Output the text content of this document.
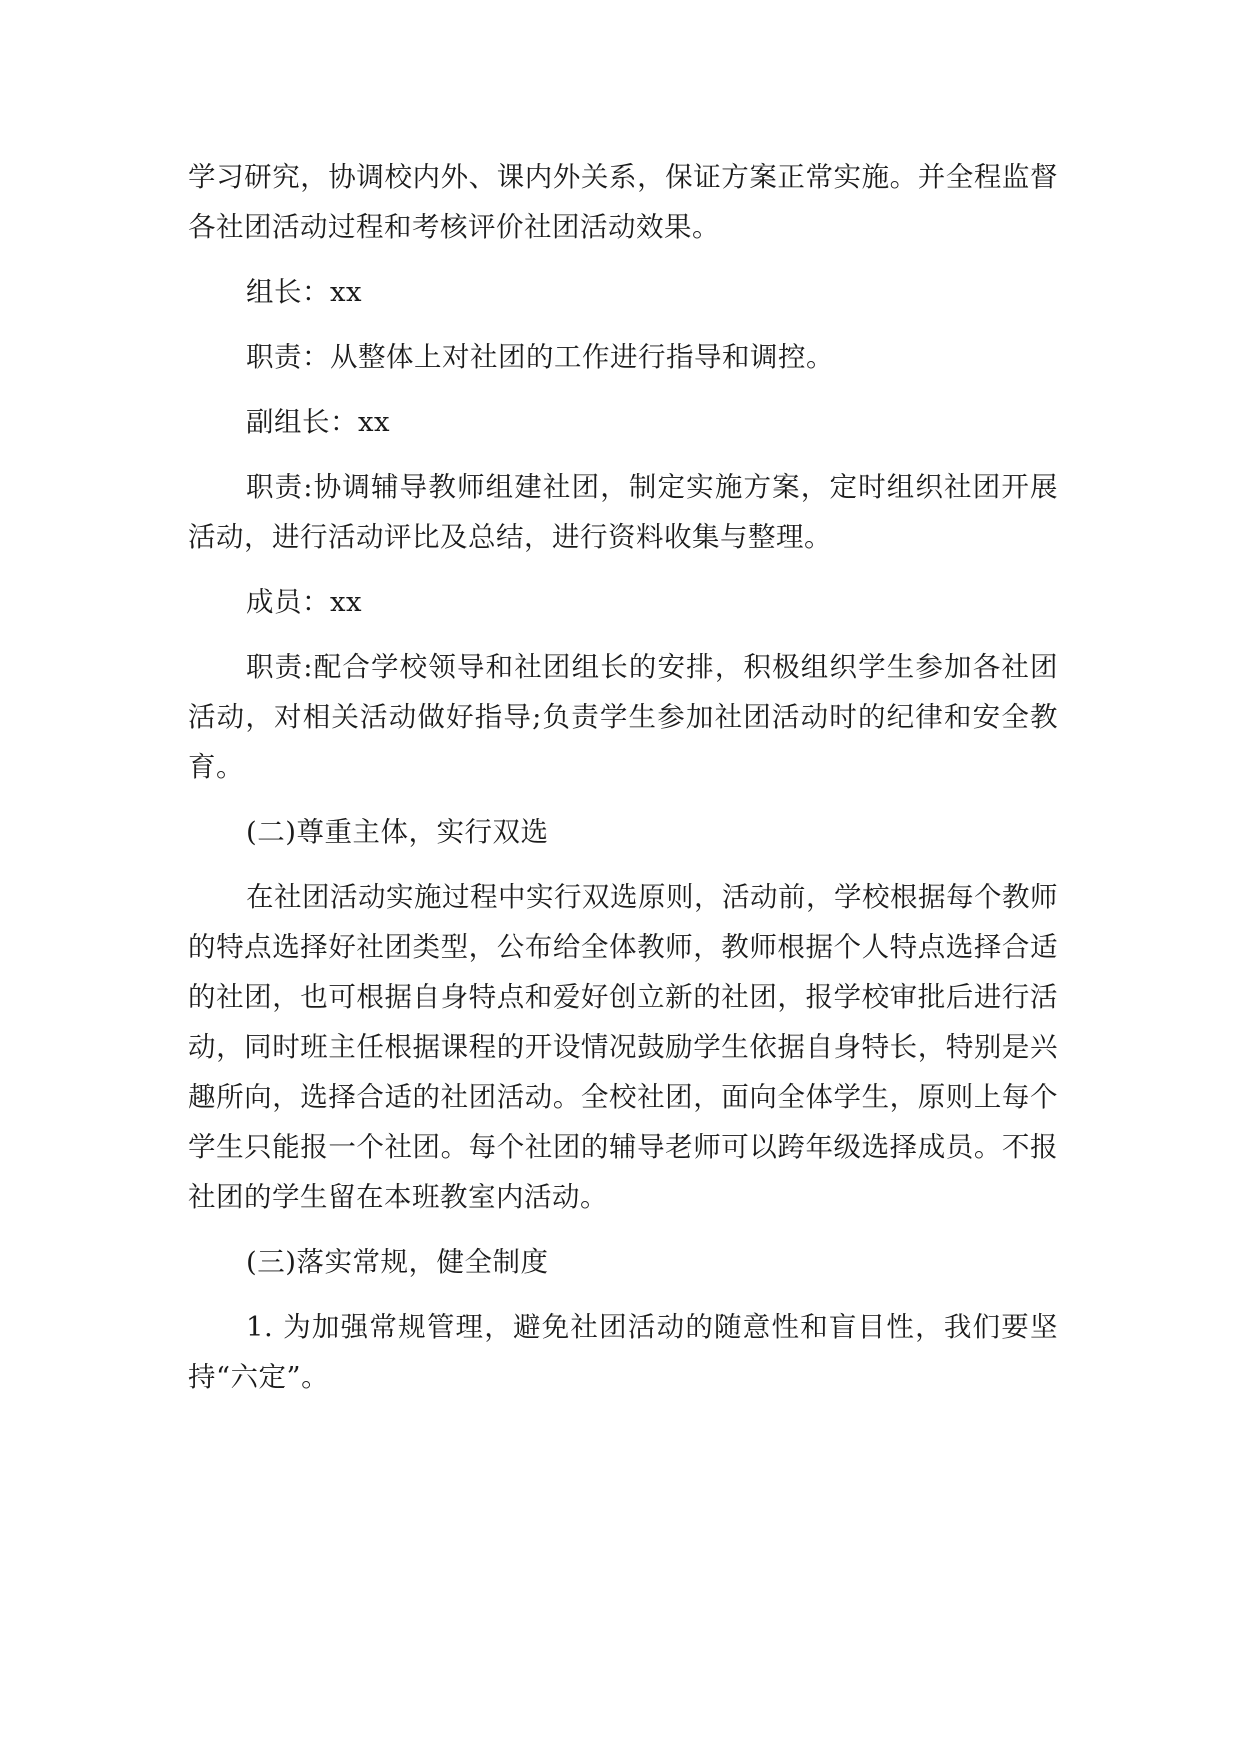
学习研究，协调校内外、课内外关系，保证方案正常实施。并全程监督各社团活动过程和考核评价社团活动效果。

组长：xx

职责：从整体上对社团的工作进行指导和调控。

副组长：xx

职责:协调辅导教师组建社团，制定实施方案，定时组织社团开展活动，进行活动评比及总结，进行资料收集与整理。

成员：xx

职责:配合学校领导和社团组长的安排，积极组织学生参加各社团活动，对相关活动做好指导;负责学生参加社团活动时的纪律和安全教育。

(二)尊重主体，实行双选

在社团活动实施过程中实行双选原则，活动前，学校根据每个教师的特点选择好社团类型，公布给全体教师，教师根据个人特点选择合适的社团，也可根据自身特点和爱好创立新的社团，报学校审批后进行活动，同时班主任根据课程的开设情况鼓励学生依据自身特长，特别是兴趣所向，选择合适的社团活动。全校社团，面向全体学生，原则上每个学生只能报一个社团。每个社团的辅导老师可以跨年级选择成员。不报社团的学生留在本班教室内活动。

(三)落实常规，健全制度

1. 为加强常规管理，避免社团活动的随意性和盲目性，我们要坚持“六定”。
